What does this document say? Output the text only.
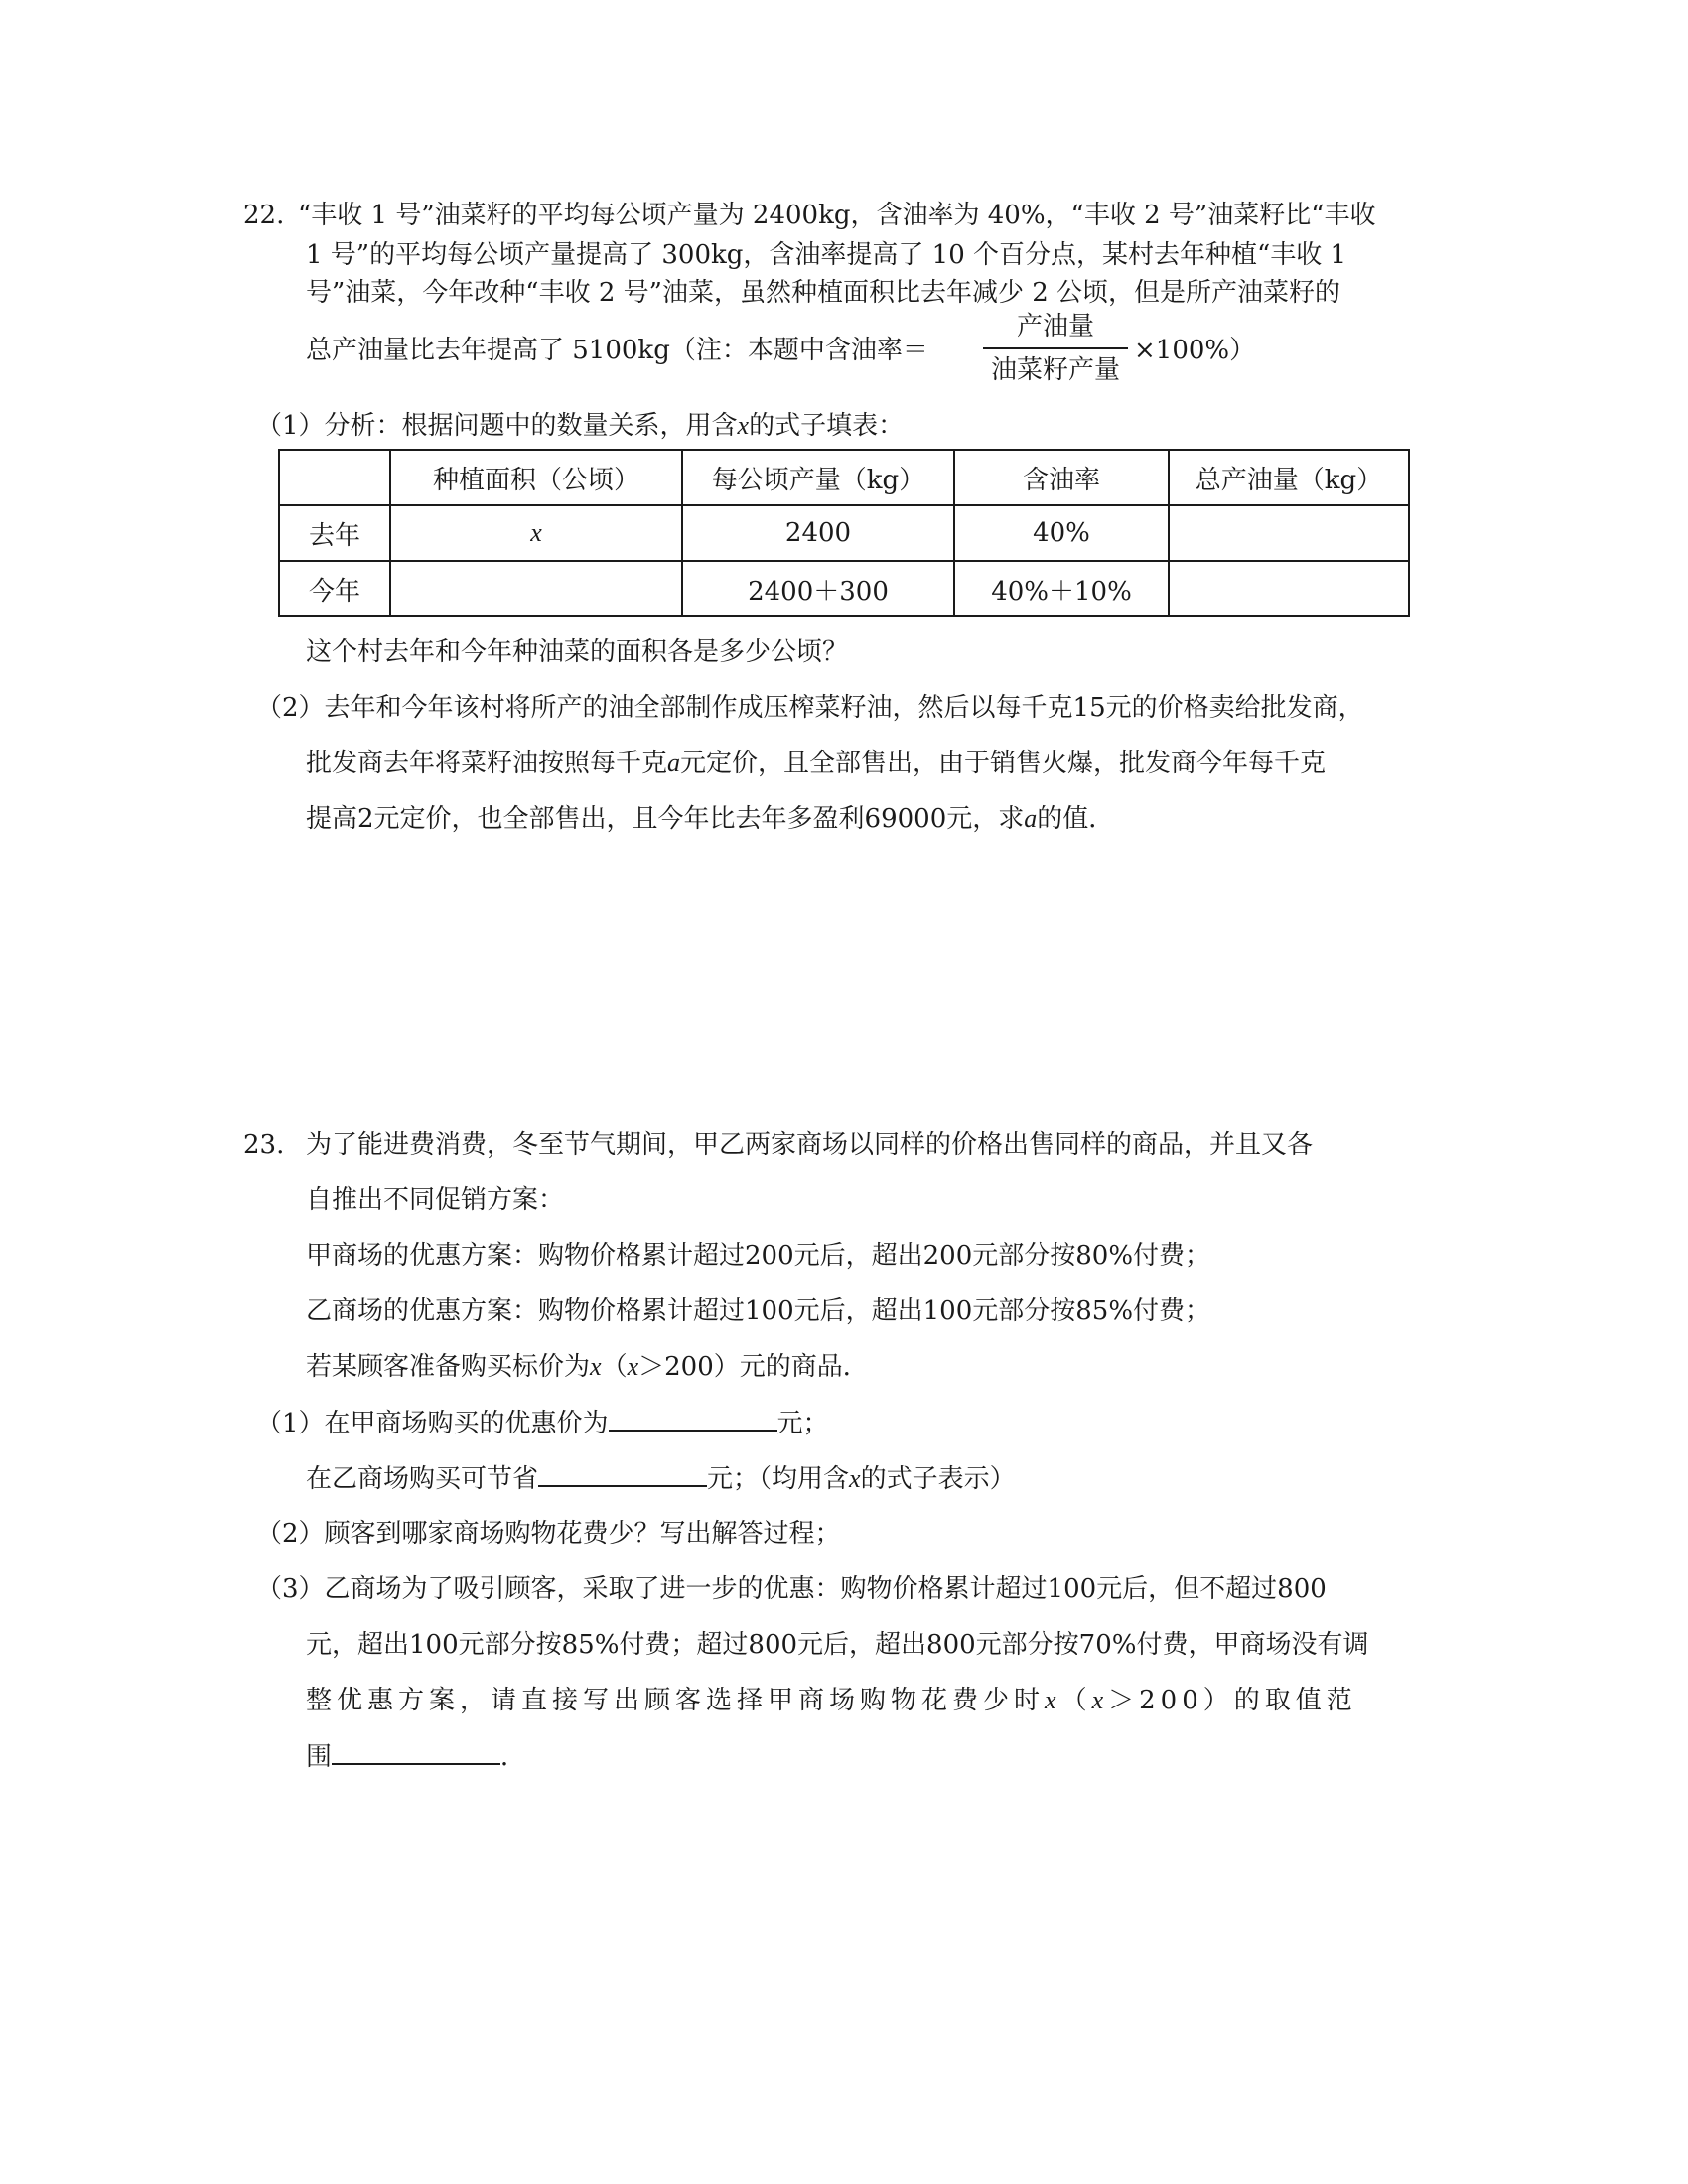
22. “丰收 1 号”油菜籽的平均每公顷产量为 2400kg，含油率为 40%，“丰收 2 号”油菜籽比“丰收
1 号”的平均每公顷产量提高了 300kg，含油率提高了 10 个百分点，某村去年种植“丰收 1
号”油菜，今年改种“丰收 2 号”油菜，虽然种植面积比去年减少 2 公顷，但是所产油菜籽的
总产油量比去年提高了 5100kg（注：本题中含油率＝
产油量
油菜籽产量
×100%）
（1）分析：根据问题中的数量关系，用含x的式子填表：
	种植面积（公顷）	每公顷产量（kg）	含油率	总产油量（kg）
去年	x	2400	40%	
今年		2400＋300	40%＋10%	
这个村去年和今年种油菜的面积各是多少公顷？
（2）去年和今年该村将所产的油全部制作成压榨菜籽油，然后以每千克15元的价格卖给批发商，
批发商去年将菜籽油按照每千克a元定价，且全部售出，由于销售火爆，批发商今年每千克
提高2元定价，也全部售出，且今年比去年多盈利69000元，求a的值．
23. 为了能进费消费，冬至节气期间，甲乙两家商场以同样的价格出售同样的商品，并且又各
自推出不同促销方案：
甲商场的优惠方案：购物价格累计超过200元后，超出200元部分按80%付费；
乙商场的优惠方案：购物价格累计超过100元后，超出100元部分按85%付费；
若某顾客准备购买标价为x（x＞200）元的商品．
（1）在甲商场购买的优惠价为	元；
在乙商场购买可节省	元；（均用含x的式子表示）
（2）顾客到哪家商场购物花费少？写出解答过程；
（3）乙商场为了吸引顾客，采取了进一步的优惠：购物价格累计超过100元后，但不超过800
元，超出100元部分按85%付费；超过800元后，超出800元部分按70%付费，甲商场没有调
整优惠方案，请直接写出顾客选择甲商场购物花费少时x（x＞200）的取值范
围	．
